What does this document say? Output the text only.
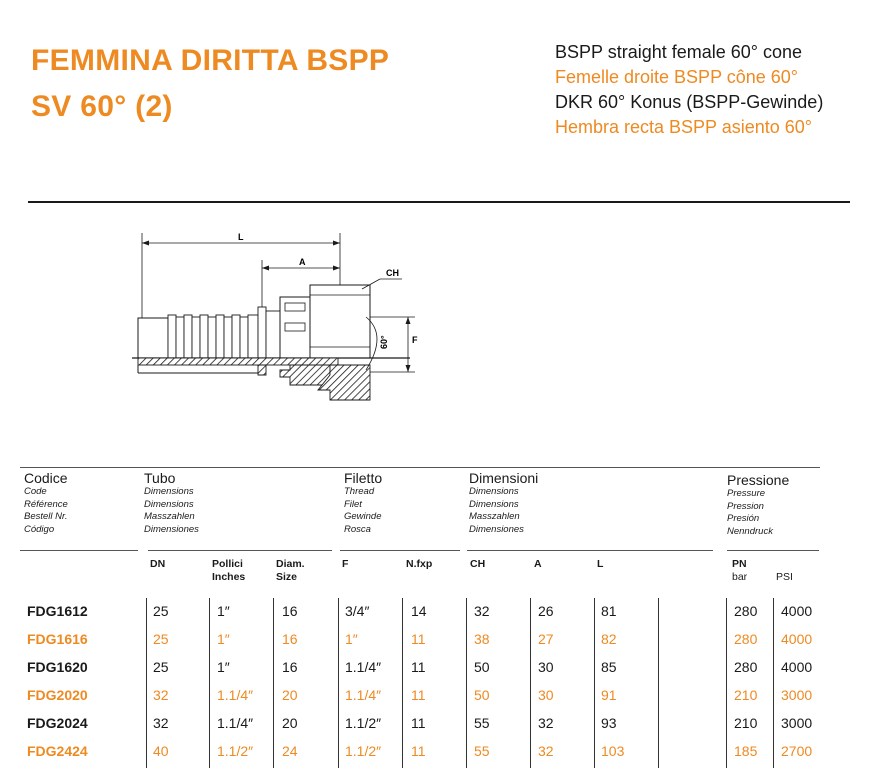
FEMMINA DIRITTA BSPP
SV 60° (2)
BSPP straight female 60° cone
Femelle droite BSPP cône 60°
DKR 60° Konus (BSPP-Gewinde)
Hembra recta BSPP asiento 60°
L
A
CH
60°	F
Codice
Code
Référence
Bestell Nr.
Código
Tubo
Dimensions
Dimensions
Masszahlen
Dimensiones
Filetto
Thread
Filet
Gewinde
Rosca
Dimensioni
Dimensions
Dimensions
Masszahlen
Dimensiones
Pressione
Pressure
Pression
Presión
Nenndruck
DN	Pollici
Inches
Diam.
Size
F	N.fxp	CH	A	L	PN
bar	PSI
FDG1612	25	1″	16	3/4″	14	32	26	81	280 4000
FDG1616	25	1″	16	1″	11	38	27	82	280 4000
FDG1620	25	1″	16	1.1/4″ 11	50	30	85	280 4000
FDG2020	32	1.1/4″ 20	1.1/4″ 11	50	30	91	210 3000
FDG2024	32	1.1/4″ 20	1.1/2″ 11	55	32	93	210 3000
FDG2424	40	1.1/2″ 24	1.1/2″ 11	55	32	103	185 2700
